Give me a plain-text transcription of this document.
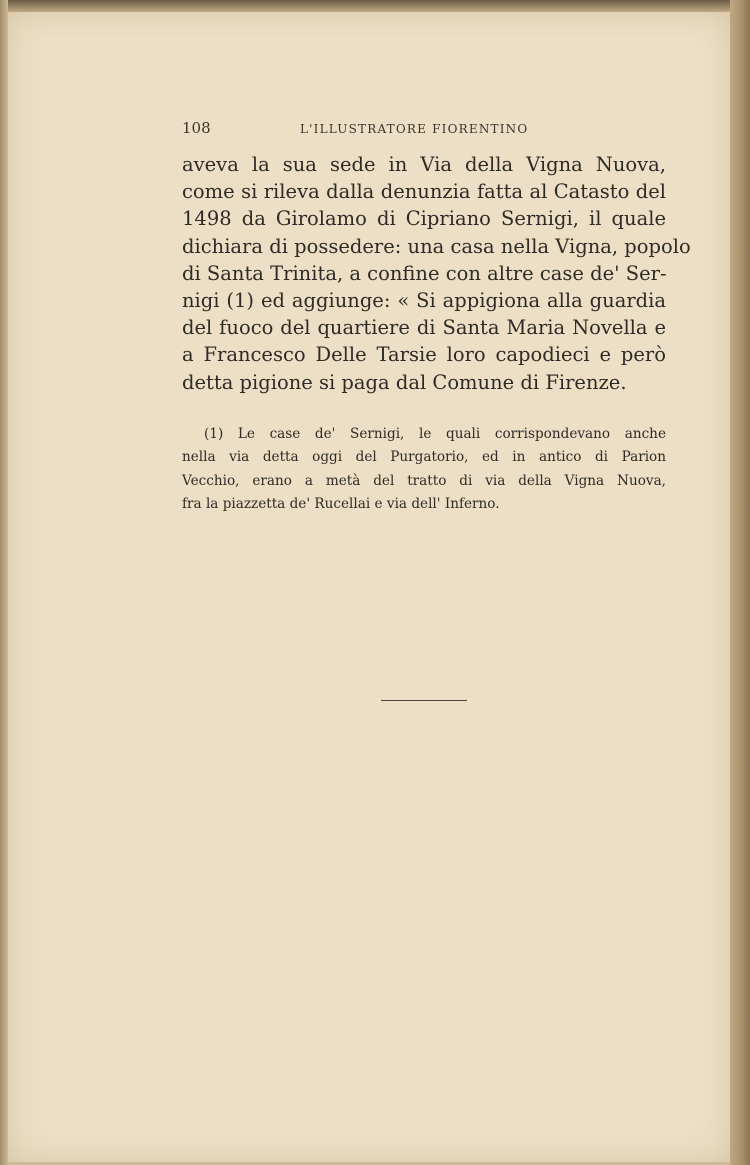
108	L'ILLUSTRATORE FIORENTINO
aveva la sua sede in Via della Vigna Nuova,
come si rileva dalla denunzia fatta al Catasto del
1498 da Girolamo di Cipriano Sernigi, il quale
dichiara di possedere: una casa nella Vigna, popolo
di Santa Trinita, a confine con altre case de' Ser-
nigi (1) ed aggiunge: « Si appigiona alla guardia
del fuoco del quartiere di Santa Maria Novella e
a Francesco Delle Tarsie loro capodieci e però
detta pigione si paga dal Comune di Firenze.
(1) Le case de' Sernigi, le quali corrispondevano anche
nella via detta oggi del Purgatorio, ed in antico di Parion
Vecchio, erano a metà del tratto di via della Vigna Nuova,
fra la piazzetta de' Rucellai e via dell' Inferno.
